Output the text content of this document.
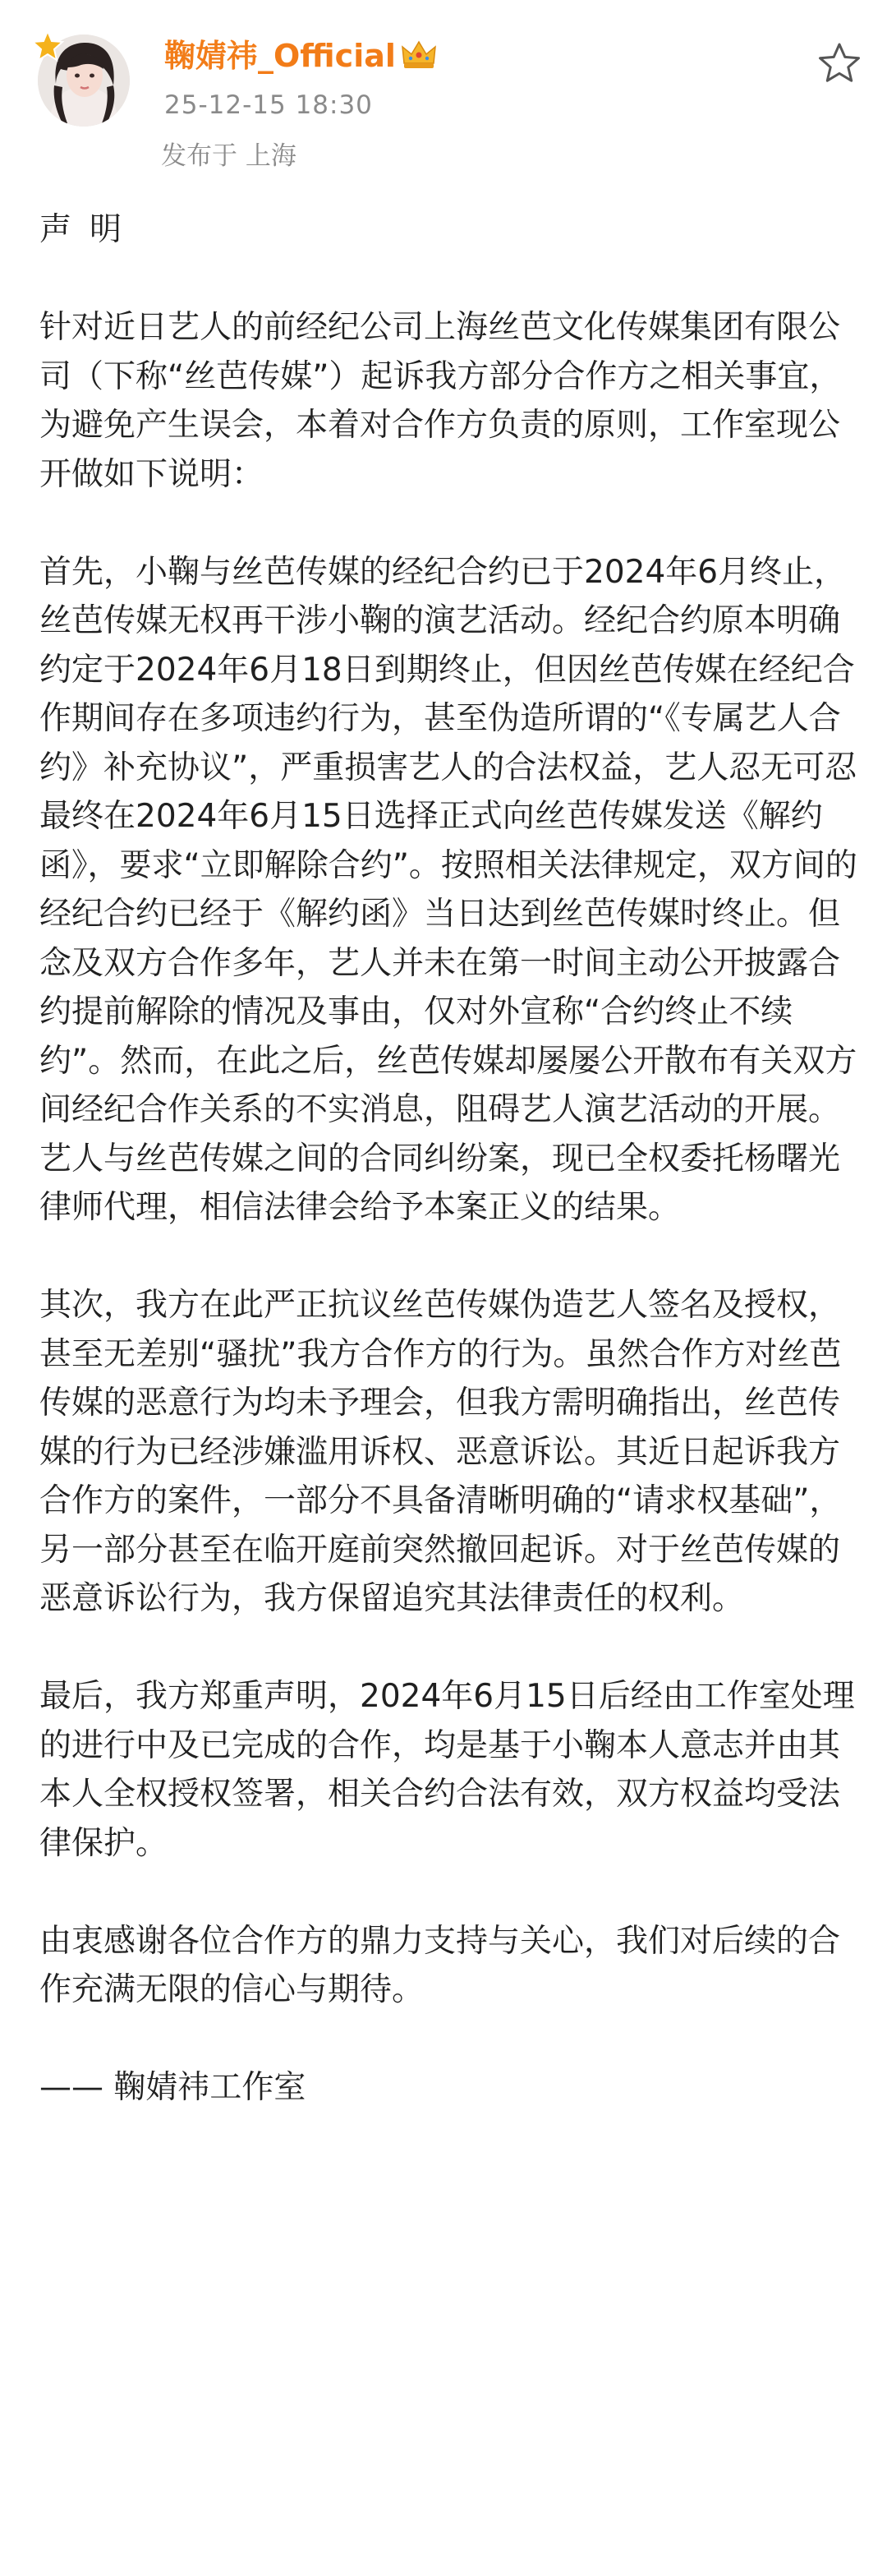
鞠婧祎_Official
25-12-15 18:30
发布于 上海
声明
针对近日艺人的前经纪公司上海丝芭文化传媒集团有限公司（下称“丝芭传媒”）起诉我方部分合作方之相关事宜，为避免产生误会，本着对合作方负责的原则，工作室现公开做如下说明：
首先，小鞠与丝芭传媒的经纪合约已于2024年6月终止，丝芭传媒无权再干涉小鞠的演艺活动。经纪合约原本明确约定于2024年6月18日到期终止，但因丝芭传媒在经纪合作期间存在多项违约行为，甚至伪造所谓的“《专属艺人合约》补充协议”，严重损害艺人的合法权益，艺人忍无可忍最终在2024年6月15日选择正式向丝芭传媒发送《解约函》，要求“立即解除合约”。按照相关法律规定，双方间的经纪合约已经于《解约函》当日达到丝芭传媒时终止。但念及双方合作多年，艺人并未在第一时间主动公开披露合约提前解除的情况及事由，仅对外宣称“合约终止不续约”。然而，在此之后，丝芭传媒却屡屡公开散布有关双方间经纪合作关系的不实消息，阻碍艺人演艺活动的开展。艺人与丝芭传媒之间的合同纠纷案，现已全权委托杨曙光律师代理，相信法律会给予本案正义的结果。
其次，我方在此严正抗议丝芭传媒伪造艺人签名及授权，甚至无差别“骚扰”我方合作方的行为。虽然合作方对丝芭传媒的恶意行为均未予理会，但我方需明确指出，丝芭传媒的行为已经涉嫌滥用诉权、恶意诉讼。其近日起诉我方合作方的案件，一部分不具备清晰明确的“请求权基础”，另一部分甚至在临开庭前突然撤回起诉。对于丝芭传媒的恶意诉讼行为，我方保留追究其法律责任的权利。
最后，我方郑重声明，2024年6月15日后经由工作室处理的进行中及已完成的合作，均是基于小鞠本人意志并由其本人全权授权签署，相关合约合法有效，双方权益均受法律保护。
由衷感谢各位合作方的鼎力支持与关心，我们对后续的合作充满无限的信心与期待。
—— 鞠婧祎工作室
